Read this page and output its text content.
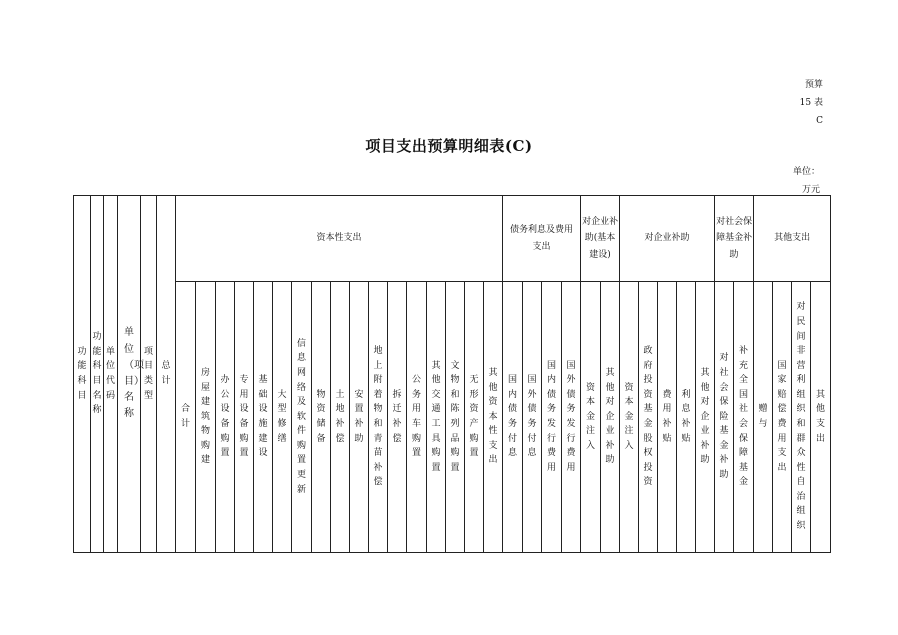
预算
15 表
C
项目支出预算明细表(C)
单位：
万元
功能科目	功能科目名称	单位代码	单位（项目）名称	项目类型	总计	资本性支出																	债务利息及费用支出				对企业补助(基本建设)		对企业补助					对社会保障基金补助		其他支出			
						合计	房屋建筑物购建	办公设备购置	专用设备购置	基础设施建设	大型修缮	信息网络及软件购置更新	物资储备	土地补偿	安置补助	地上附着物和青苗补偿	拆迁补偿	公务用车购置	其他交通工具购置	文物和陈列品购置	无形资产购置	其他资本性支出	国内债务付息	国外债务付息	国内债务发行费用	国外债务发行费用	资本金注入	其他对企业补助	资本金注入	政府投资基金股权投资	费用补贴	利息补贴	其他对企业补助	对社会保险基金补助	补充全国社会保障基金	赠与	国家赔偿费用支出	对民间非营利组织和群众性自治组织	其他支出
